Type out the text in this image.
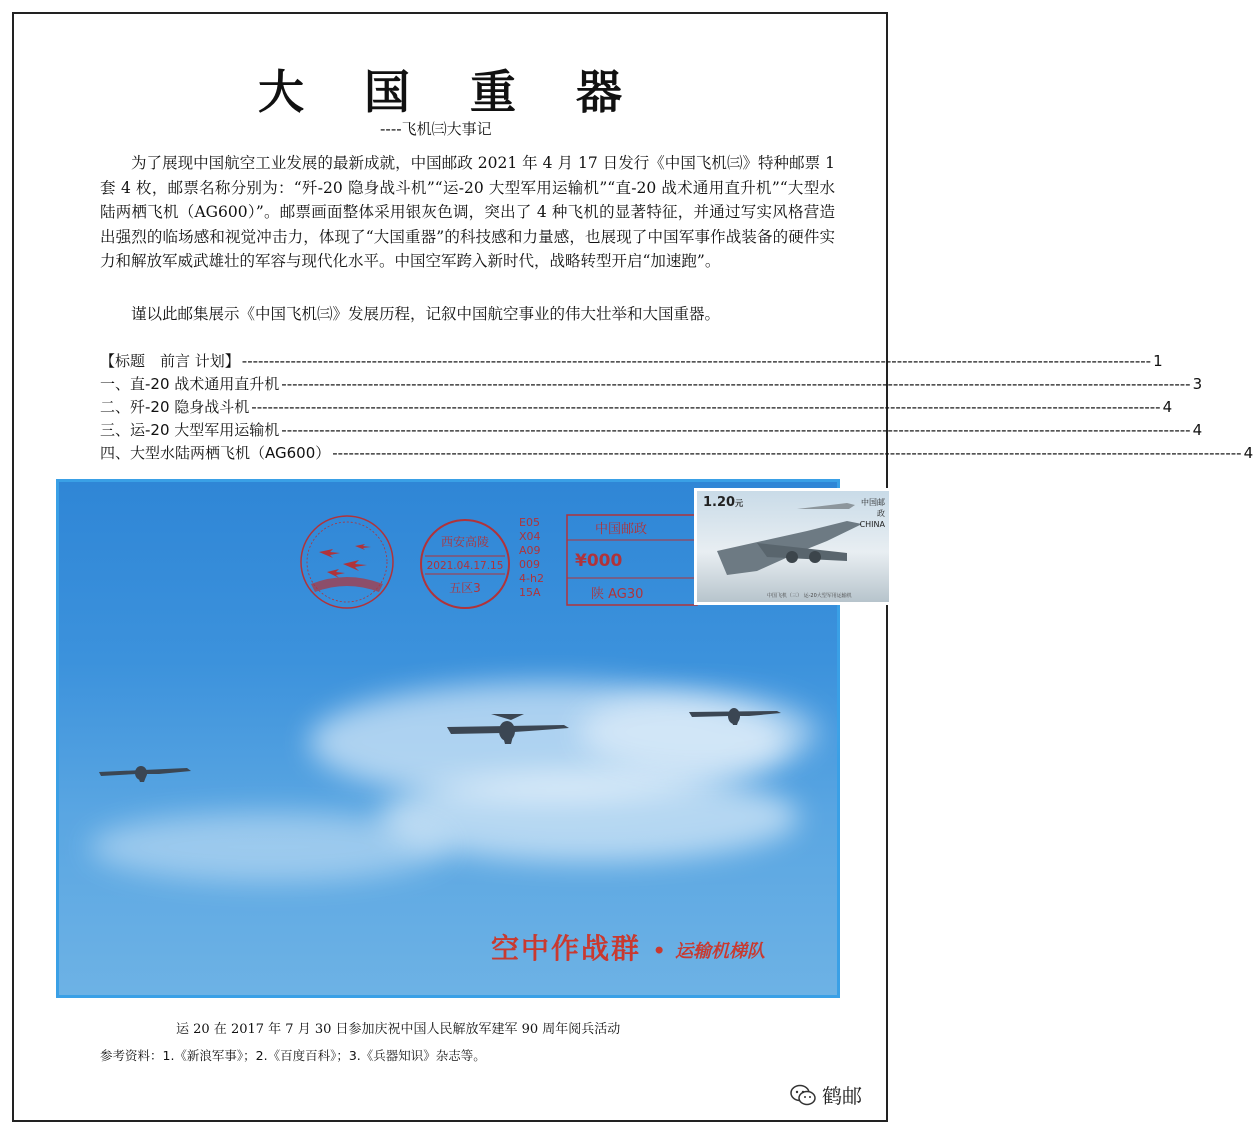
大 国 重 器
----飞机㈢大事记

为了展现中国航空工业发展的最新成就，中国邮政 2021 年 4 月 17 日发行《中国飞机㈢》特种邮票 1 套 4 枚，邮票名称分别为：“歼-20 隐身战斗机”“运-20 大型军用运输机”“直-20 战术通用直升机”“大型水陆两栖飞机（AG600）”。邮票画面整体采用银灰色调，突出了 4 种飞机的显著特征，并通过写实风格营造出强烈的临场感和视觉冲击力，体现了“大国重器”的科技感和力量感，也展现了中国军事作战装备的硬件实力和解放军威武雄壮的军容与现代化水平。中国空军跨入新时代，战略转型开启“加速跑”。

谨以此邮集展示《中国飞机㈢》发展历程，记叙中国航空事业的伟大壮举和大国重器。

【标题　前言 计划】 -----	1
一、直-20 战术通用直升机 -----	3
二、歼-20 隐身战斗机 -----	4
三、运-20 大型军用运输机 -----	4
四、大型水陆两栖飞机（AG600） -----	4
西安高陵
2021.04.17.15
五区3
E05
X04
A09
009
4-h2
15A
中国邮政
¥000
陕 AG30
1.20元	中国邮政
CHINA
中国飞机（三） 运-20大型军用运输机
空中作战群 • 运输机梯队
运 20 在 2017 年 7 月 30 日参加庆祝中国人民解放军建军 90 周年阅兵活动
参考资料：1.《新浪军事》；2.《百度百科》；3.《兵器知识》杂志等。
鹤邮
